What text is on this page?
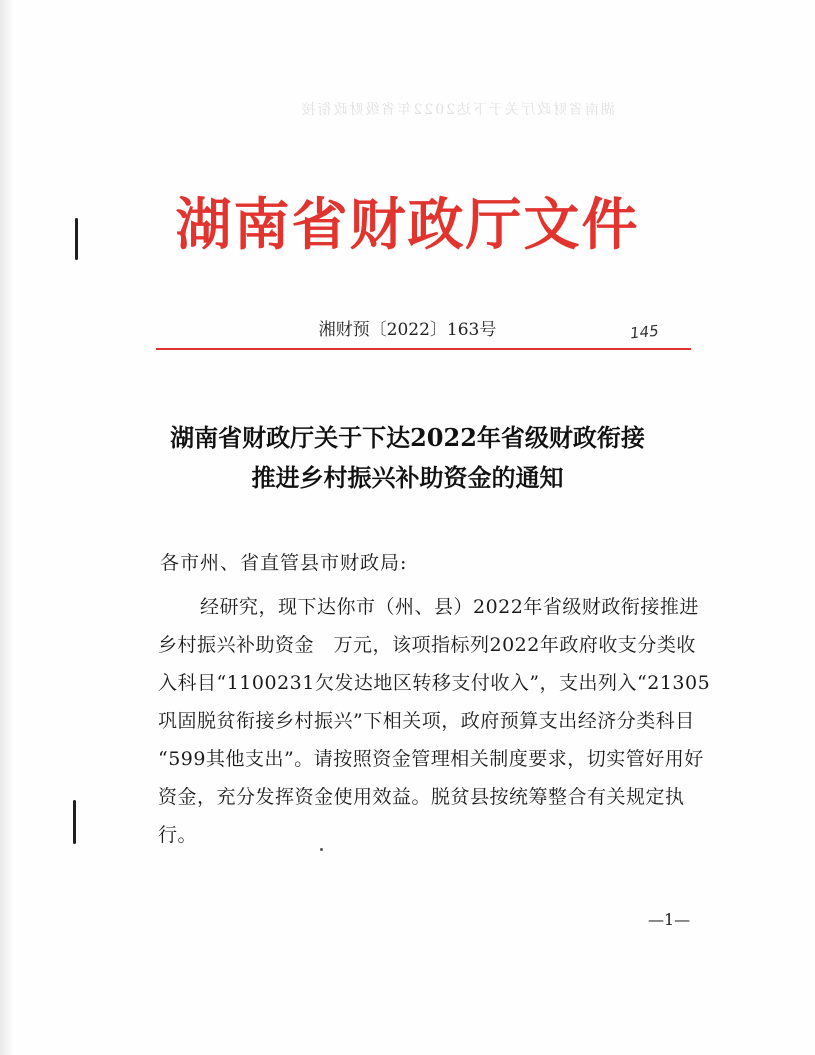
湖南省财政厅关于下达2022年省级财政衔接
湖南省财政厅文件
湘财预〔2022〕163号	145
湖南省财政厅关于下达2022年省级财政衔接
推进乡村振兴补助资金的通知
各市州、省直管县市财政局:
经研究，现下达你市（州、县）2022年省级财政衔接推进
乡村振兴补助资金　万元，该项指标列2022年政府收支分类收
入科目“1100231欠发达地区转移支付收入”，支出列入“21305
巩固脱贫衔接乡村振兴”下相关项，政府预算支出经济分类科目
“599其他支出”。请按照资金管理相关制度要求，切实管好用好
资金，充分发挥资金使用效益。脱贫县按统筹整合有关规定执
行。
—1—
